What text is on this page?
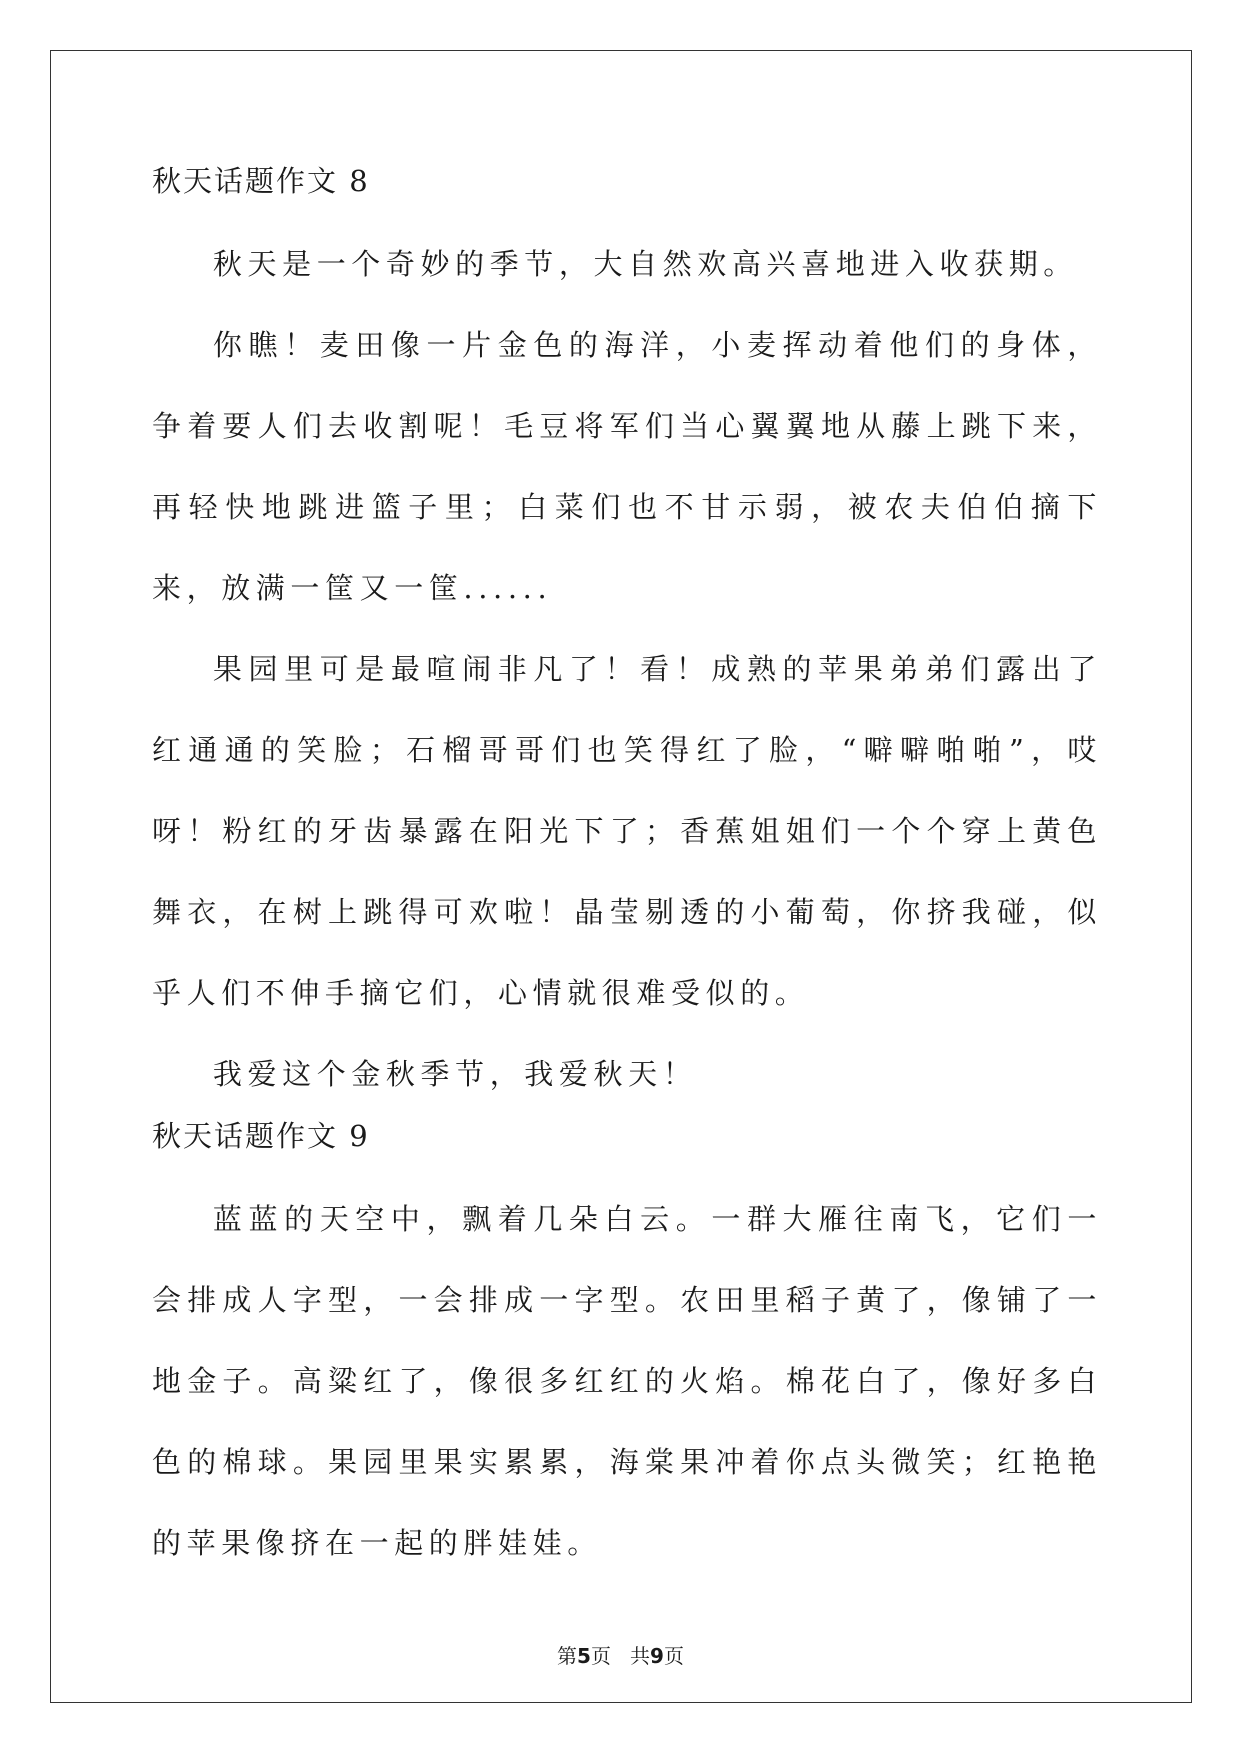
秋天话题作文 8

秋天是一个奇妙的季节，大自然欢高兴喜地进入收获期。

你瞧！麦田像一片金色的海洋，小麦挥动着他们的身体，争着要人们去收割呢！毛豆将军们当心翼翼地从藤上跳下来，再轻快地跳进篮子里；白菜们也不甘示弱，被农夫伯伯摘下来，放满一筐又一筐......

果园里可是最喧闹非凡了！看！成熟的苹果弟弟们露出了红通通的笑脸；石榴哥哥们也笑得红了脸，“噼噼啪啪”，哎呀！粉红的牙齿暴露在阳光下了；香蕉姐姐们一个个穿上黄色舞衣，在树上跳得可欢啦！晶莹剔透的小葡萄，你挤我碰，似乎人们不伸手摘它们，心情就很难受似的。

我爱这个金秋季节，我爱秋天！

秋天话题作文 9

蓝蓝的天空中，飘着几朵白云。一群大雁往南飞，它们一会排成人字型，一会排成一字型。农田里稻子黄了，像铺了一地金子。高粱红了，像很多红红的火焰。棉花白了，像好多白色的棉球。果园里果实累累，海棠果冲着你点头微笑；红艳艳的苹果像挤在一起的胖娃娃。

第5页 共9页
